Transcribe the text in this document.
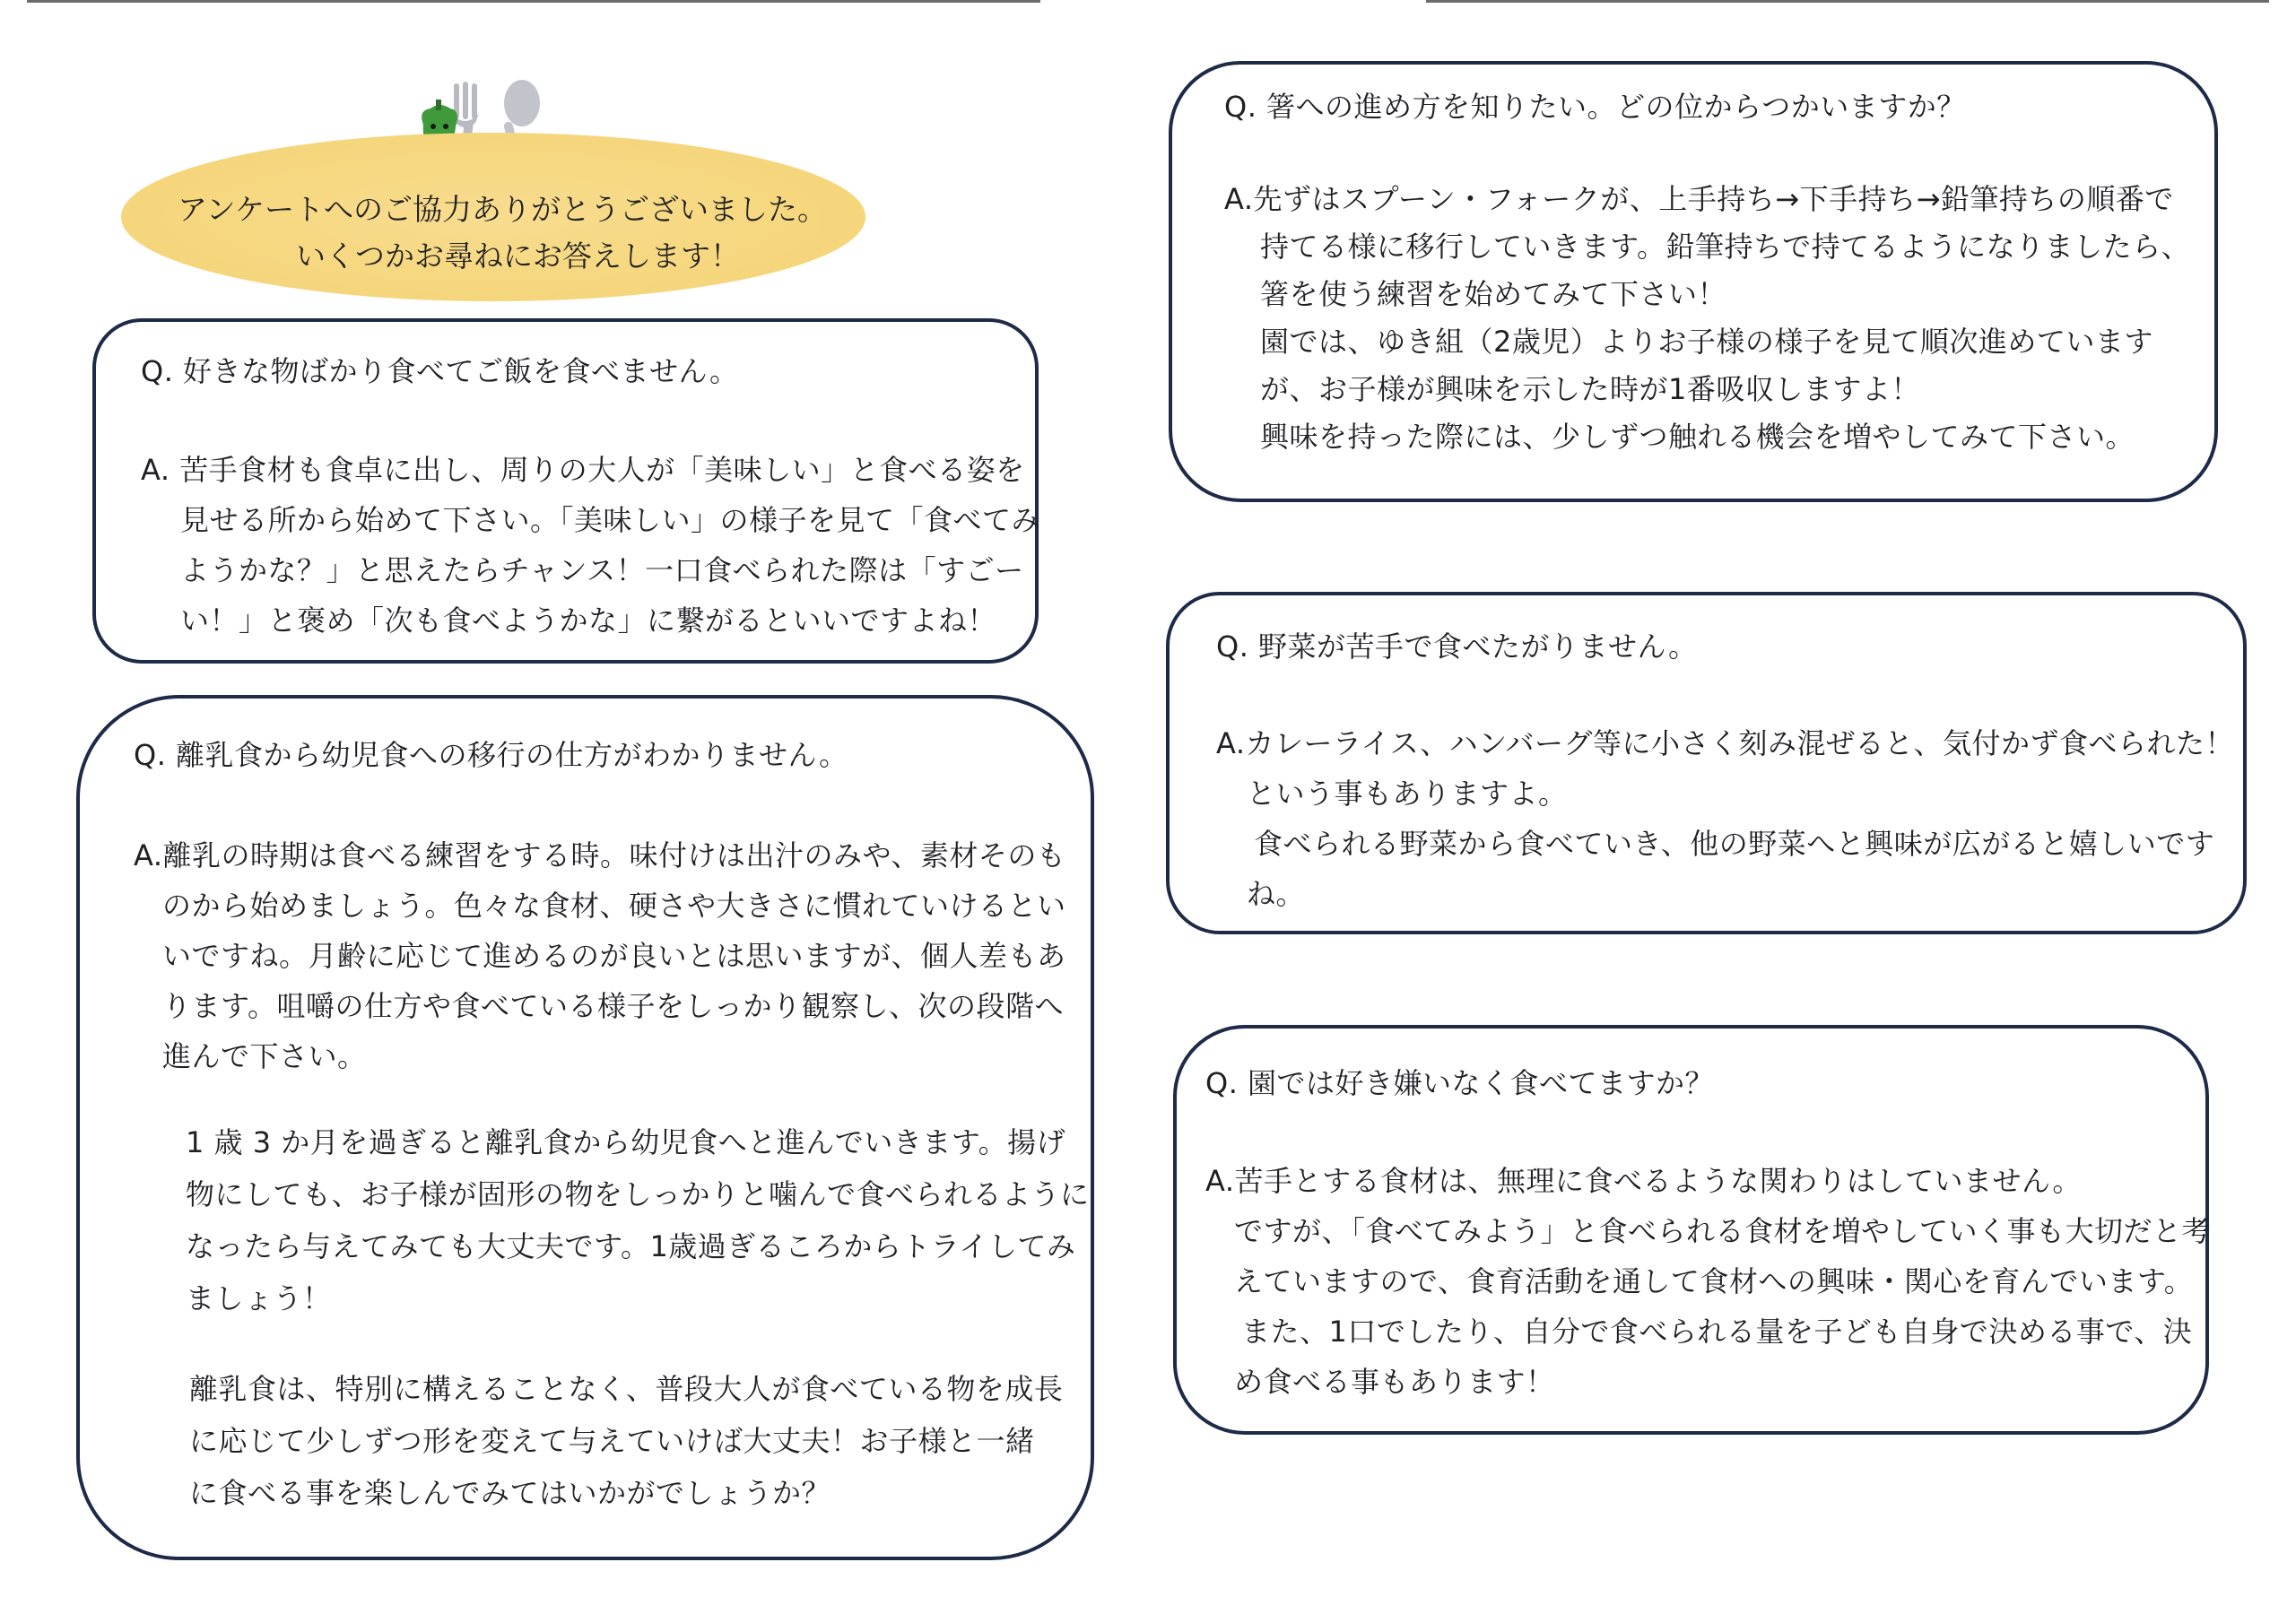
アンケートへのご協力ありがとうございました。
いくつかお尋ねにお答えします！
Q. 好きな物ばかり食べてご飯を食べません。
A. 苦手食材も食卓に出し、周りの大人が「美味しい」と食べる姿を
見せる所から始めて下さい。「美味しい」の様子を見て「食べてみ
ようかな？」と思えたらチャンス！一口食べられた際は「すごー
い！」と褒め「次も食べようかな」に繋がるといいですよね！
Q. 離乳食から幼児食への移行の仕方がわかりません。
A.離乳の時期は食べる練習をする時。味付けは出汁のみや、素材そのも
のから始めましょう。色々な食材、硬さや大きさに慣れていけるとい
いですね。月齢に応じて進めるのが良いとは思いますが、個人差もあ
ります。咀嚼の仕方や食べている様子をしっかり観察し、次の段階へ
進んで下さい。
1 歳 3 か月を過ぎると離乳食から幼児食へと進んでいきます。揚げ
物にしても、お子様が固形の物をしっかりと噛んで食べられるように
なったら与えてみても大丈夫です。1歳過ぎるころからトライしてみ
ましょう！
離乳食は、特別に構えることなく、普段大人が食べている物を成長
に応じて少しずつ形を変えて与えていけば大丈夫！お子様と一緒
に食べる事を楽しんでみてはいかがでしょうか？
Q. 箸への進め方を知りたい。どの位からつかいますか？
A.先ずはスプーン・フォークが、上手持ち→下手持ち→鉛筆持ちの順番で
持てる様に移行していきます。鉛筆持ちで持てるようになりましたら、
箸を使う練習を始めてみて下さい！
園では、ゆき組（2歳児）よりお子様の様子を見て順次進めています
が、お子様が興味を示した時が1番吸収しますよ！
興味を持った際には、少しずつ触れる機会を増やしてみて下さい。
Q. 野菜が苦手で食べたがりません。
A.カレーライス、ハンバーグ等に小さく刻み混ぜると、気付かず食べられた！
という事もありますよ。
食べられる野菜から食べていき、他の野菜へと興味が広がると嬉しいです
ね。
Q. 園では好き嫌いなく食べてますか？
A.苦手とする食材は、無理に食べるような関わりはしていません。
ですが、「食べてみよう」と食べられる食材を増やしていく事も大切だと考
えていますので、食育活動を通して食材への興味・関心を育んでいます。
また、1口でしたり、自分で食べられる量を子ども自身で決める事で、決
め食べる事もあります！
